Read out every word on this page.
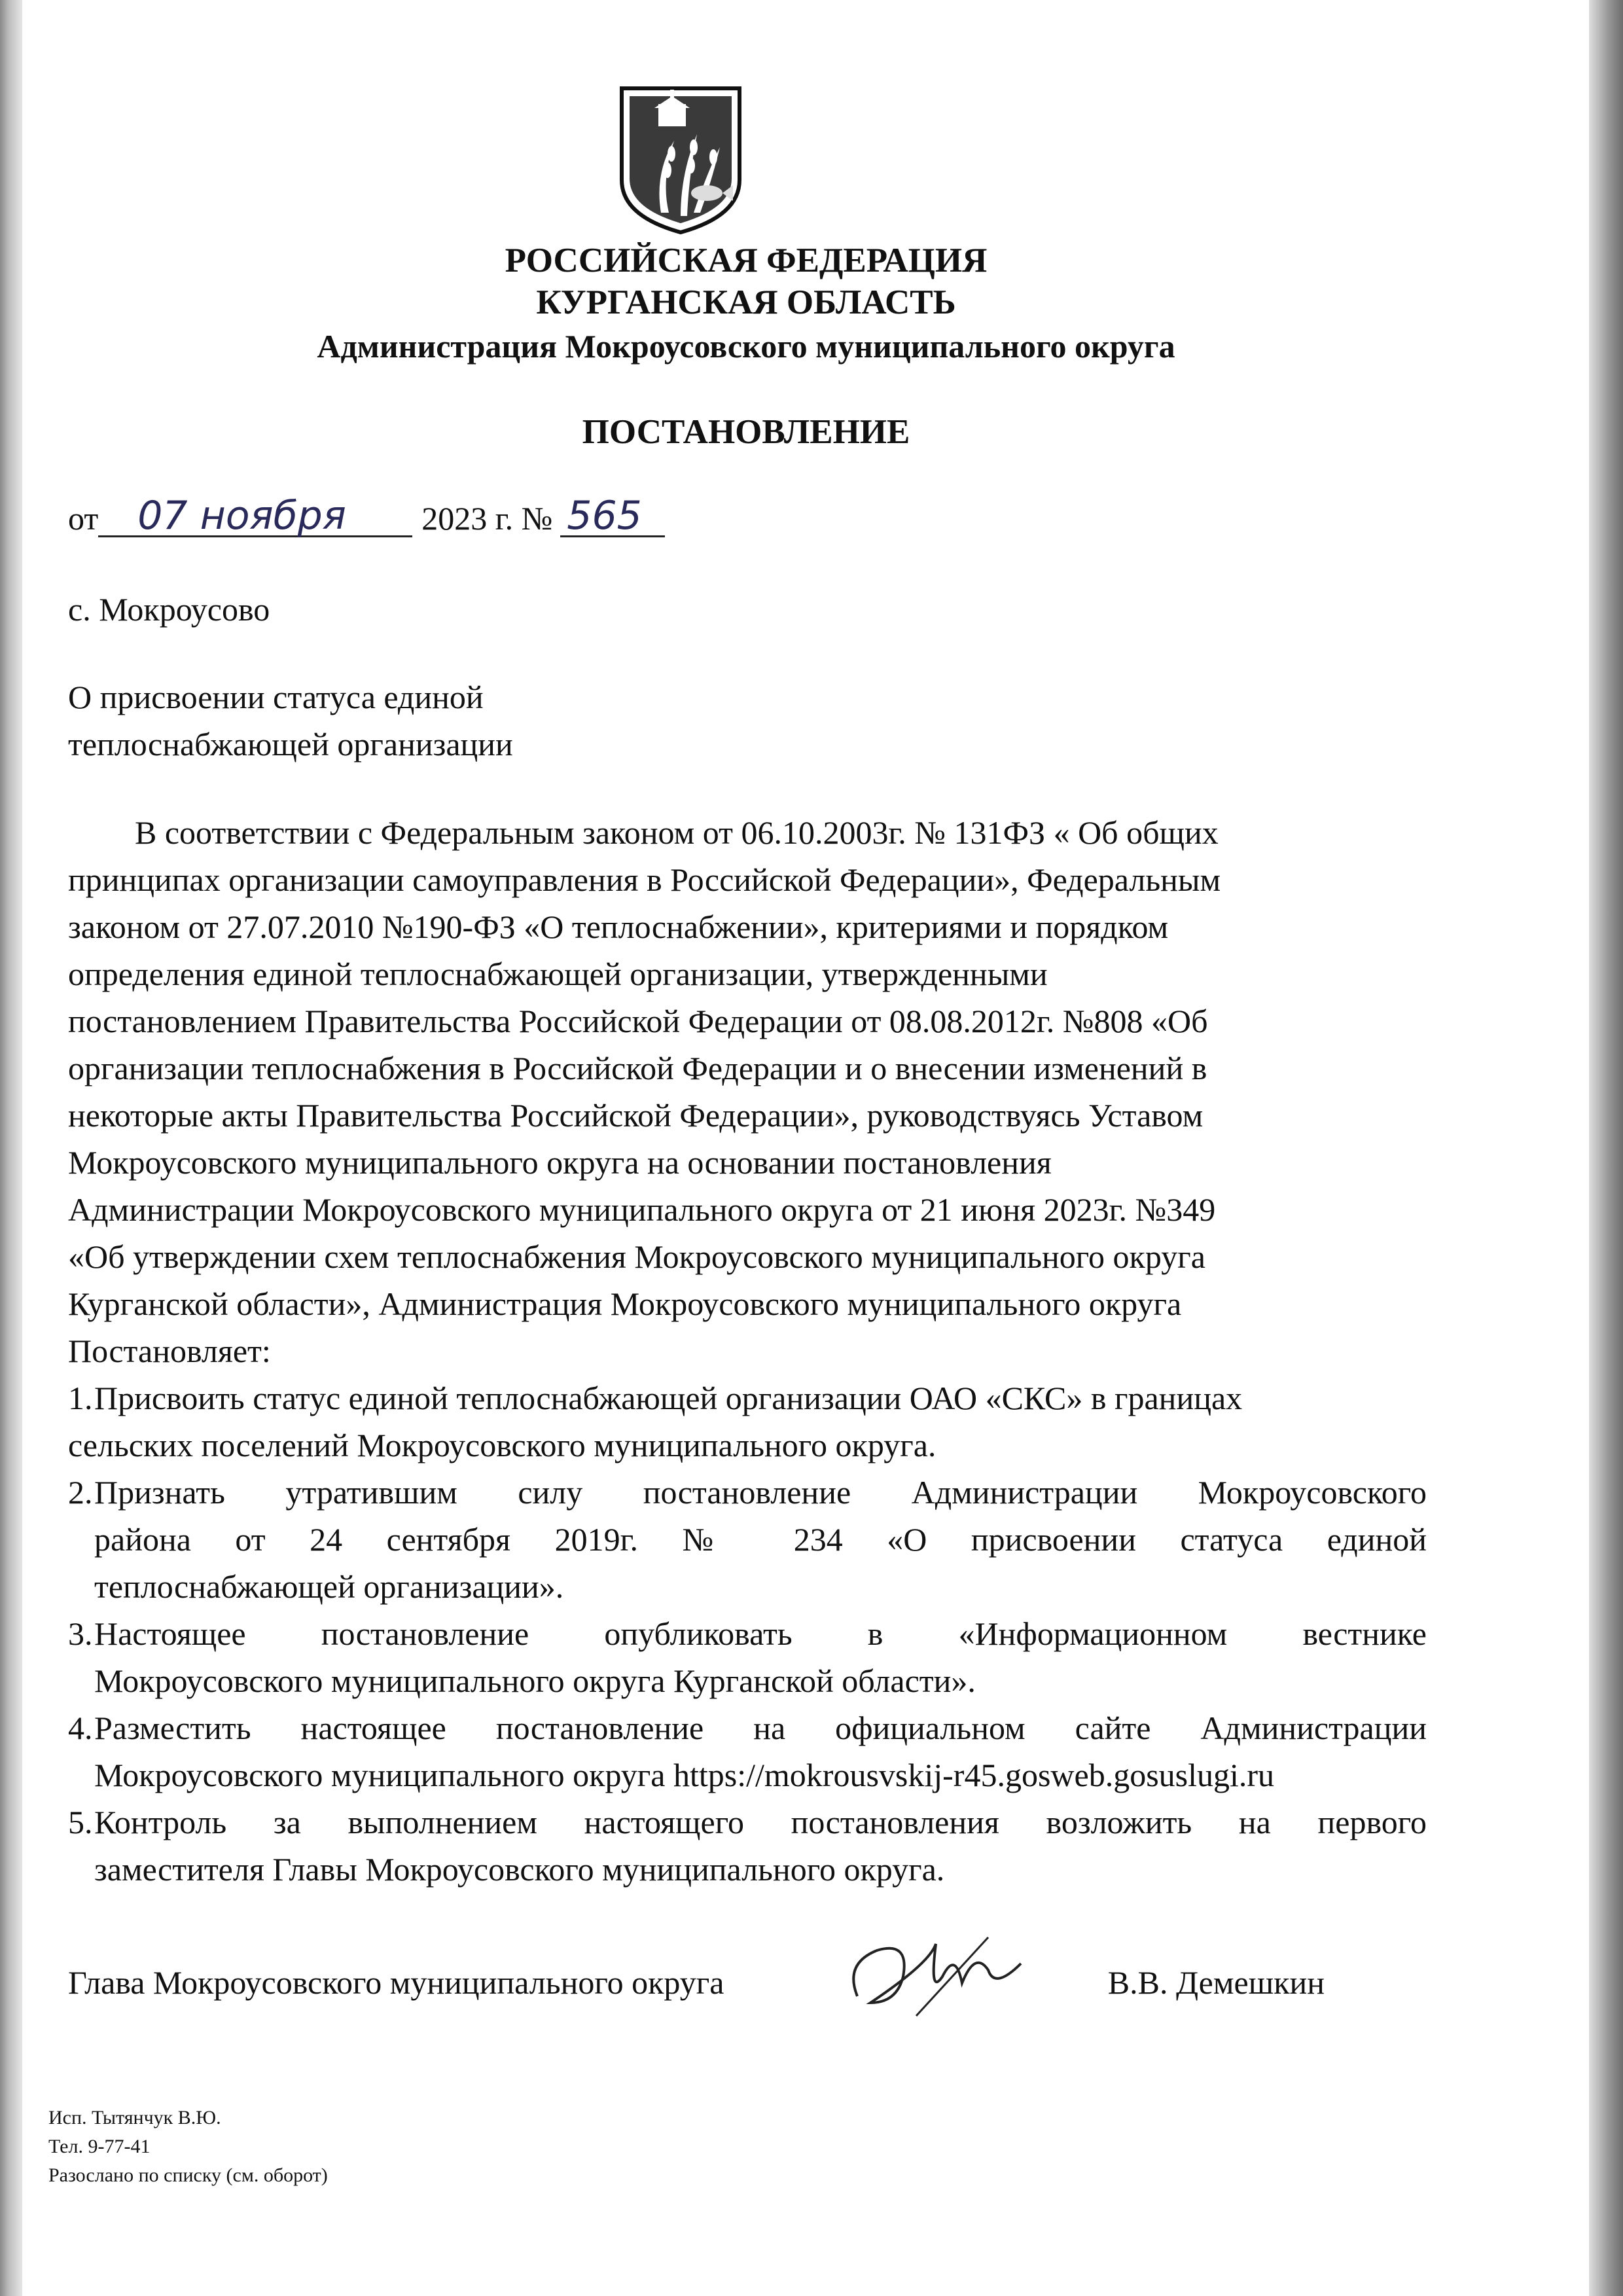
РОССИЙСКАЯ ФЕДЕРАЦИЯ
КУРГАНСКАЯ ОБЛАСТЬ
Администрация Мокроусовского муниципального округа
ПОСТАНОВЛЕНИЕ
от	07 ноября	2023 г. № 565
с. Мокроусово
О присвоении статуса единой
теплоснабжающей организации

В соответствии с Федеральным законом от 06.10.2003г. № 131ФЗ « Об общих

принципах организации самоуправления в Российской Федерации», Федеральным

законом от 27.07.2010 №190-ФЗ «О теплоснабжении», критериями и порядком

определения единой теплоснабжающей организации, утвержденными

постановлением Правительства Российской Федерации от 08.08.2012г. №808 «Об

организации теплоснабжения в Российской Федерации и о внесении изменений в

некоторые акты Правительства Российской Федерации», руководствуясь Уставом

Мокроусовского муниципального округа на основании постановления

Администрации Мокроусовского муниципального округа от 21 июня 2023г. №349

«Об утверждении схем теплоснабжения Мокроусовского муниципального округа

Курганской области», Администрация Мокроусовского муниципального округа

Постановляет:

1. Присвоить статус единой теплоснабжающей организации ОАО «СКС» в границах
сельских поселений Мокроусовского муниципального округа.
2. Признать утратившим силу постановление Администрации Мокроусовского
района от 24 сентября 2019г. № 234 «О присвоении статуса единой
теплоснабжающей организации».
3. Настоящее постановление опубликовать в «Информационном вестнике
Мокроусовского муниципального округа Курганской области».
4. Разместить настоящее постановление на официальном сайте Администрации
Мокроусовского муниципального округа https://mokrousvskij-r45.gosweb.gosuslugi.ru
5. Контроль за выполнением настоящего постановления возложить на первого
заместителя Главы Мокроусовского муниципального округа.
Глава Мокроусовского муниципального округа	В.В. Демешкин
Исп. Тытянчук В.Ю.
Тел. 9-77-41
Разослано по списку (см. оборот)
